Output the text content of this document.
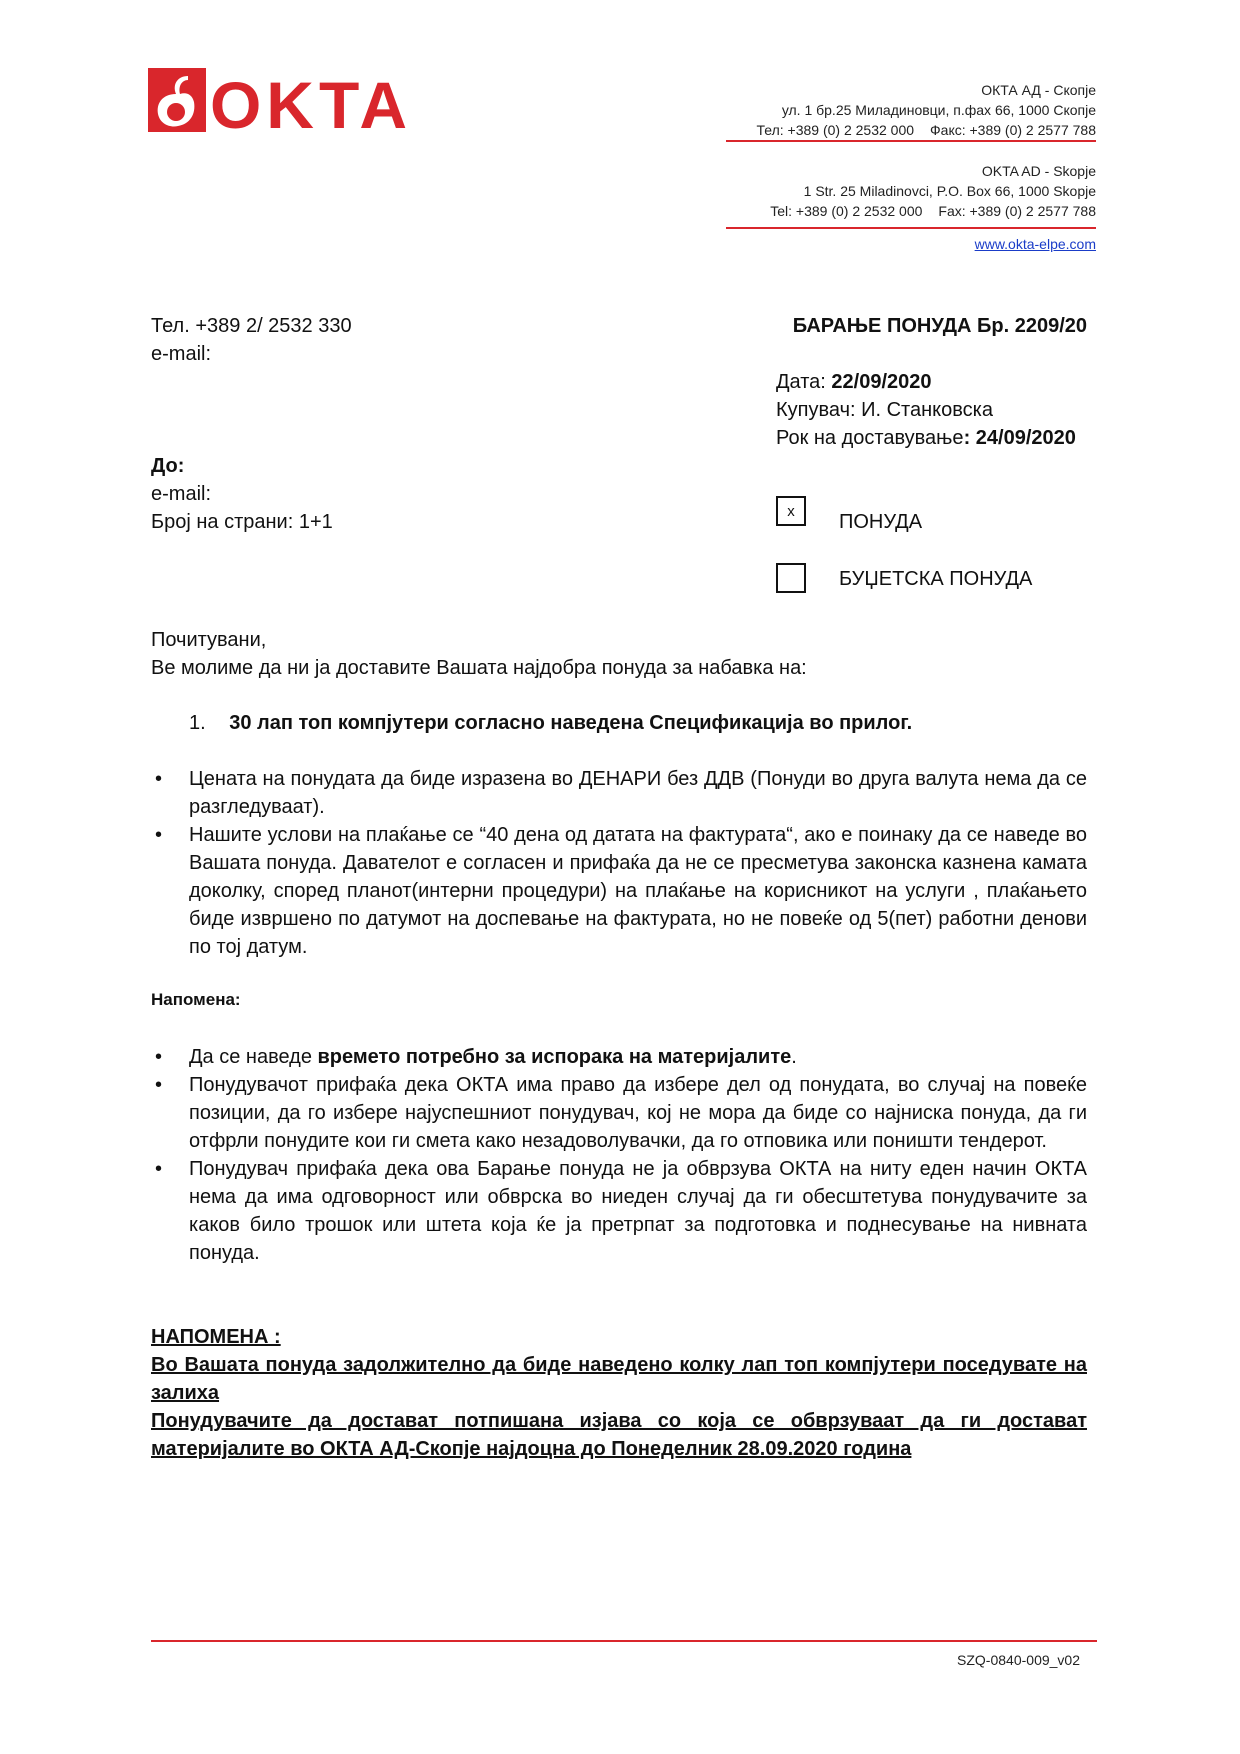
OKTA	ОКТА АД - Скопје
ул. 1 бр.25 Миладиновци, п.фах 66, 1000 Скопје
Тел: +389 (0) 2 2532 000 Факс: +389 (0) 2 2577 788
OKTA AD - Skopje
1 Str. 25 Miladinovci, P.O. Box 66, 1000 Skopje
Tel: +389 (0) 2 2532 000 Fax: +389 (0) 2 2577 788
www.okta-elpe.com
Тел. +389 2/ 2532 330
e-mail:
БАРАЊЕ ПОНУДА Бр. 2209/20
Дата: 22/09/2020
Купувач: И. Станковска
Рок на доставување: 24/09/2020
До:
e-mail:
Број на страни: 1+1	x	ПОНУДА
БУЏЕТСКА ПОНУДА
Почитувани,
Ве молиме да ни ја доставите Вашата најдобра понуда за набавка на:
1. 30 лап топ компјутери согласно наведена Спецификација во прилог.
• Цената на понудата да биде изразена во ДЕНАРИ без ДДВ (Понуди во друга валута нема да се разгледуваат).
• Нашите услови на плаќање се “40 дена од датата на фактурата“, ако е поинаку да се наведе во Вашата понуда. Давателот е согласен и прифаќа да не се пресметува законска казнена камата доколку, според планот(интерни процедури) на плаќање на корисникот на услуги , плаќањето биде извршено по датумот на доспевање на фактурата, но не повеќе од 5(пет) работни денови по тој датум.
Напомена:
• Да се наведе времето потребно за испорака на материјалите.
• Понудувачот прифаќа дека ОКТА има право да избере дел од понудата, во случај на повеќе позиции, да го избере најуспешниот понудувач, кој не мора да биде со најниска понуда, да ги отфрли понудите кои ги смета како незадоволувачки, да го отповика или поништи тендерот.
• Понудувач прифаќа дека ова Барање понуда не ја обврзува ОКТА на ниту еден начин ОКТА нема да има одговорност или обврска во ниеден случај да ги обесштетува понудувачите за каков било трошок или штета која ќе ја претрпат за подготовка и поднесување на нивната понуда.

НАПОМЕНА :

Во Вашата понуда задолжително да биде наведено колку лап топ компјутери поседувате на залиха

Понудувачите да доставaт потпишана изјава со која се обврзуваат да ги достават материјалите во ОКТА АД-Скопје најдоцна до Понеделник 28.09.2020 година

SZQ-0840-009_v02
